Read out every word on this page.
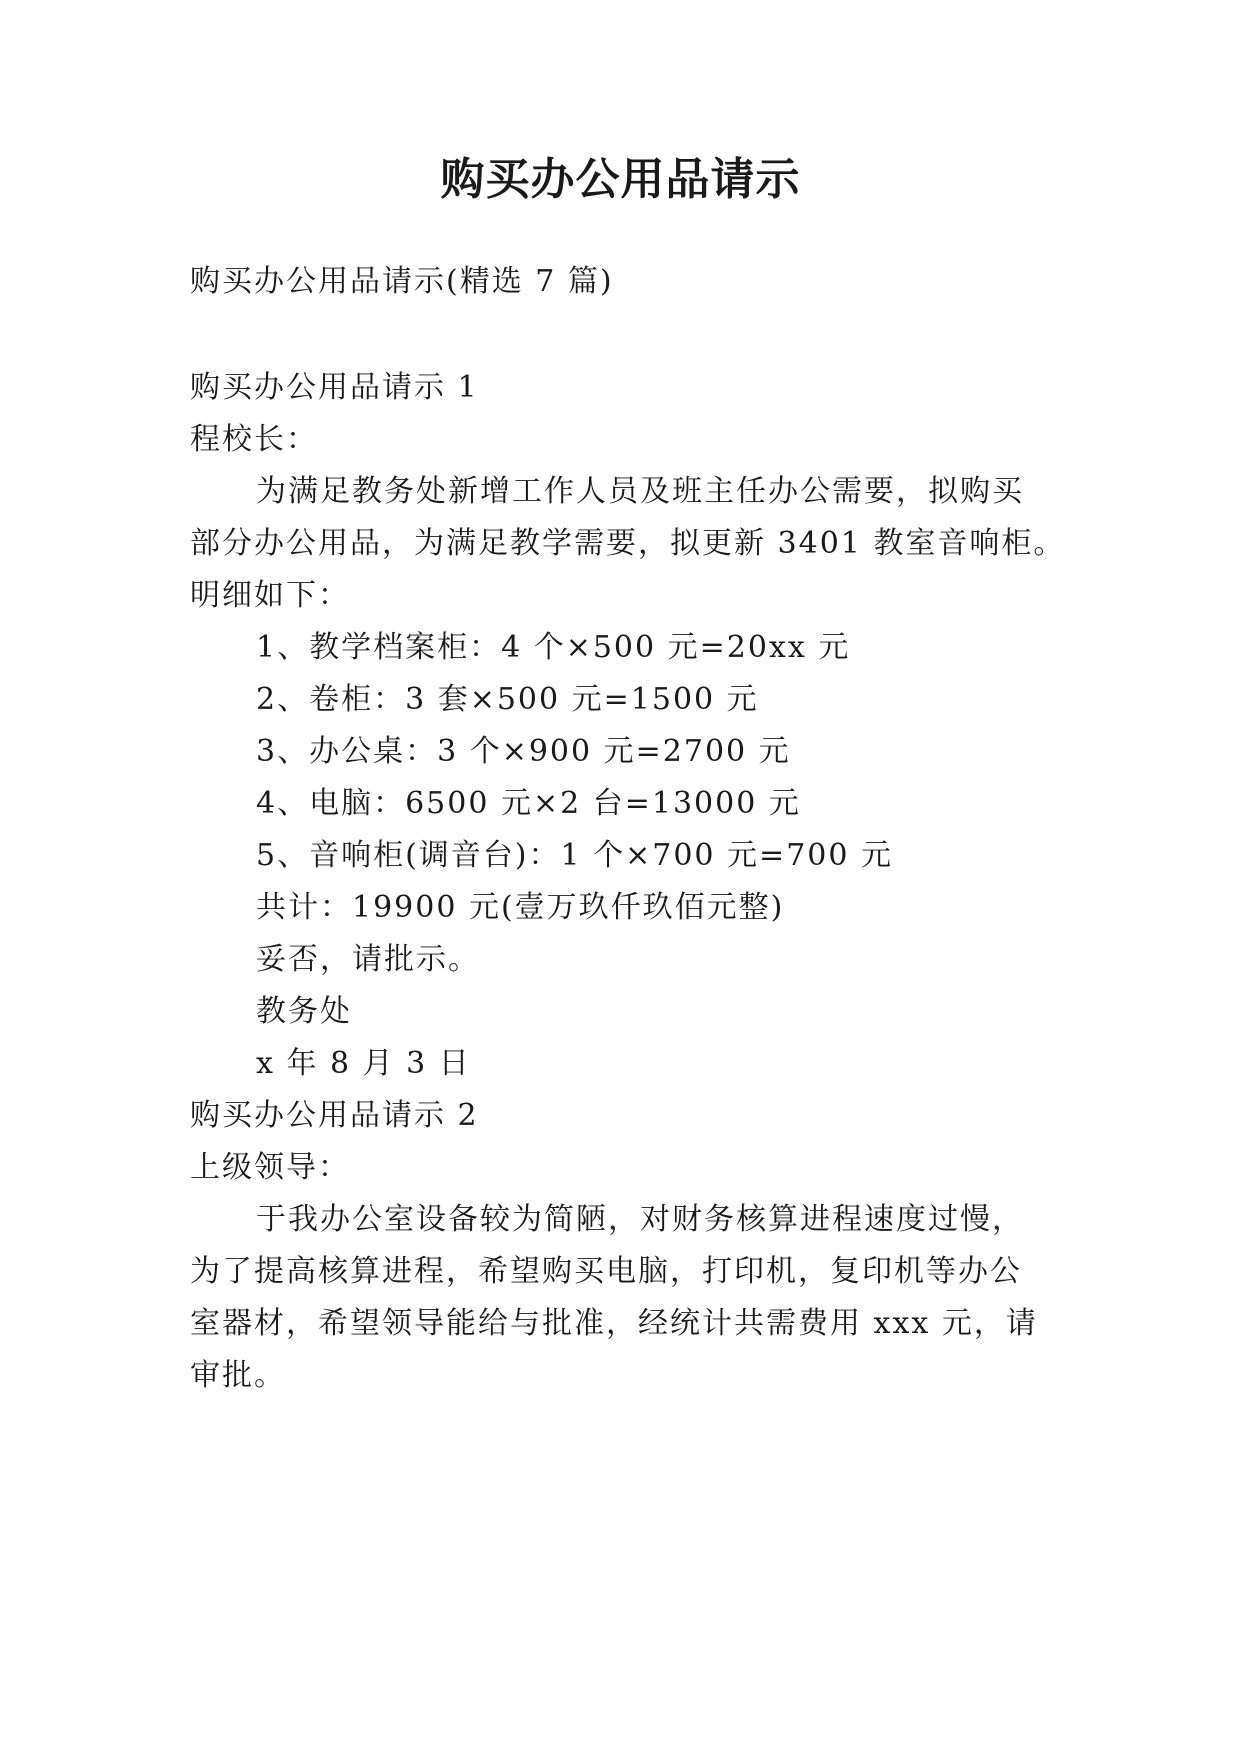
购买办公用品请示
购买办公用品请示(精选 7 篇)
购买办公用品请示 1
程校长：
为满足教务处新增工作人员及班主任办公需要，拟购买
部分办公用品，为满足教学需要，拟更新 3401 教室音响柜。
明细如下：
1、教学档案柜：4 个×500 元=20xx 元
2、卷柜：3 套×500 元=1500 元
3、办公桌：3 个×900 元=2700 元
4、电脑：6500 元×2 台=13000 元
5、音响柜(调音台)：1 个×700 元=700 元
共计：19900 元(壹万玖仟玖佰元整)
妥否，请批示。
教务处
x 年 8 月 3 日
购买办公用品请示 2
上级领导：
于我办公室设备较为简陋，对财务核算进程速度过慢，
为了提高核算进程，希望购买电脑，打印机，复印机等办公
室器材，希望领导能给与批准，经统计共需费用 xxx 元，请
审批。
